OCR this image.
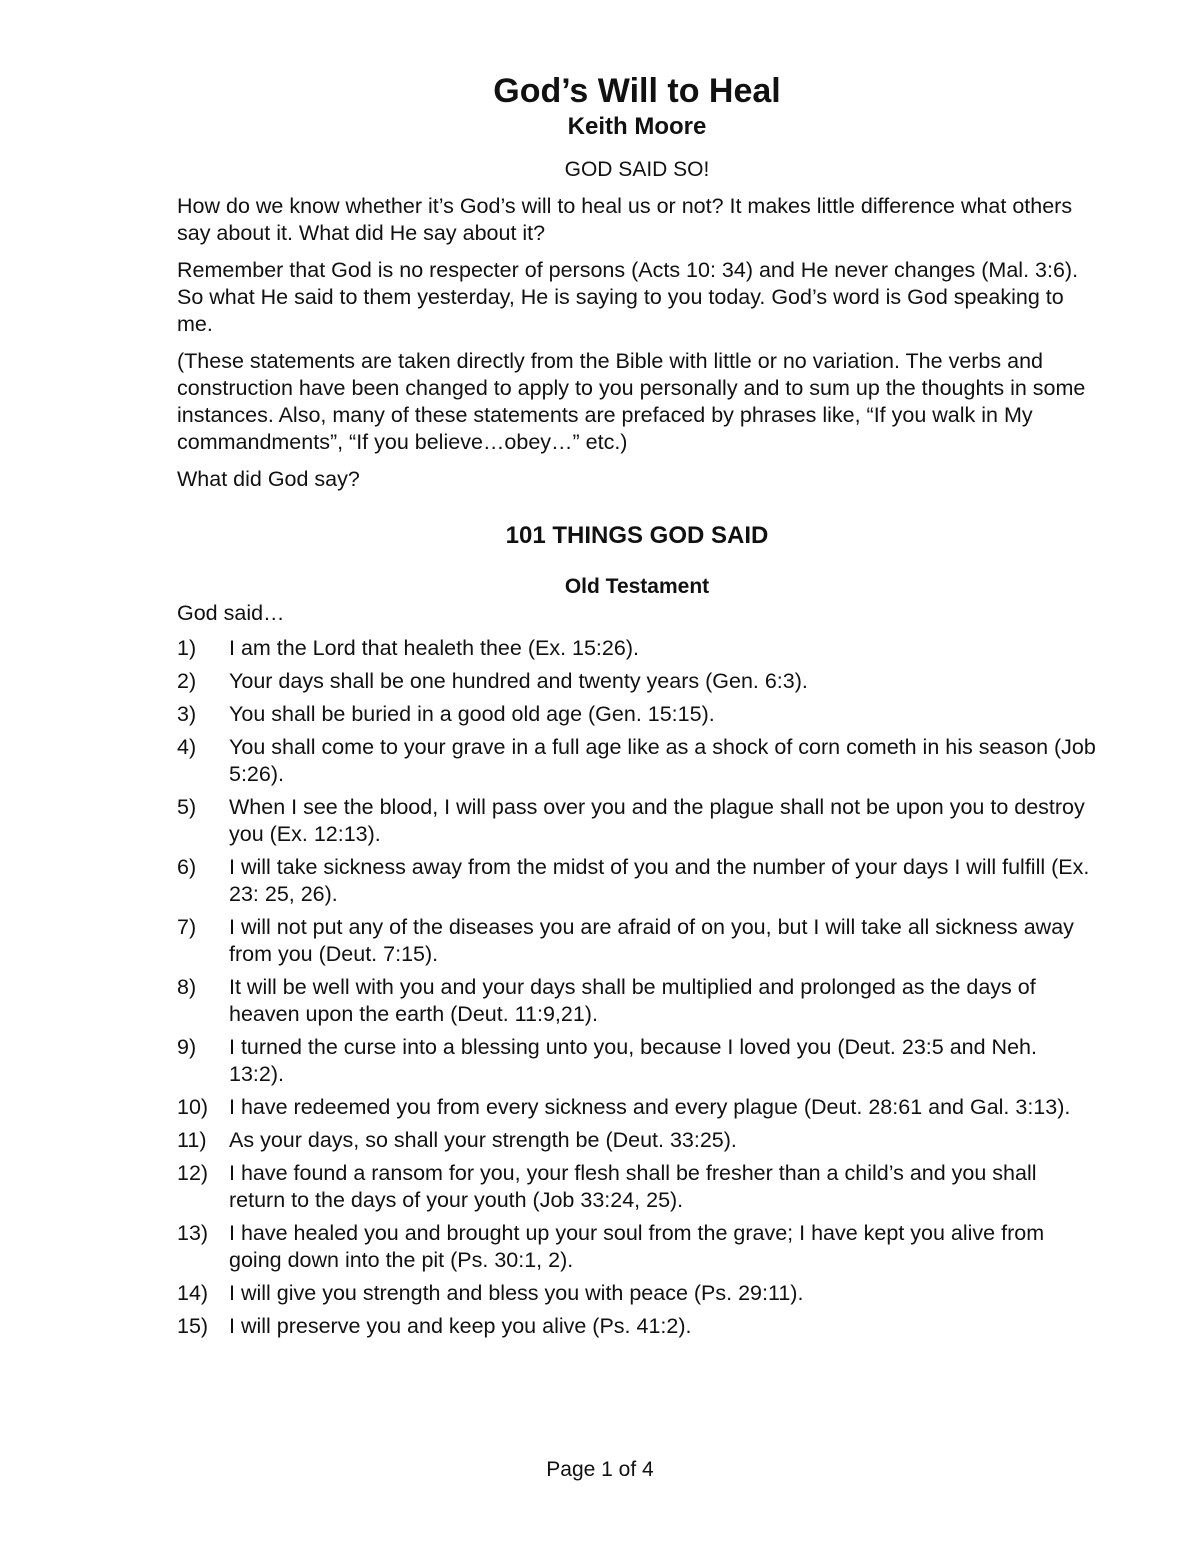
God’s Will to Heal
Keith Moore
GOD SAID SO!

How do we know whether it’s God’s will to heal us or not? It makes little difference what others say about it. What did He say about it?

Remember that God is no respecter of persons (Acts 10: 34) and He never changes (Mal. 3:6). So what He said to them yesterday, He is saying to you today. God’s word is God speaking to me.

(These statements are taken directly from the Bible with little or no variation. The verbs and construction have been changed to apply to you personally and to sum up the thoughts in some instances. Also, many of these statements are prefaced by phrases like, “If you walk in My commandments”, “If you believe…obey…” etc.)

What did God say?

101 THINGS GOD SAID
Old Testament
God said…
1)	I am the Lord that healeth thee (Ex. 15:26).
2)	Your days shall be one hundred and twenty years (Gen. 6:3).
3)	You shall be buried in a good old age (Gen. 15:15).
4)	You shall come to your grave in a full age like as a shock of corn cometh in his season (Job 5:26).
5)	When I see the blood, I will pass over you and the plague shall not be upon you to destroy you (Ex. 12:13).
6)	I will take sickness away from the midst of you and the number of your days I will fulfill (Ex. 23: 25, 26).
7)	I will not put any of the diseases you are afraid of on you, but I will take all sickness away from you (Deut. 7:15).
8)	It will be well with you and your days shall be multiplied and prolonged as the days of heaven upon the earth (Deut. 11:9,21).
9)	I turned the curse into a blessing unto you, because I loved you (Deut. 23:5 and Neh. 13:2).
10) I have redeemed you from every sickness and every plague (Deut. 28:61 and Gal. 3:13).
11)	As your days, so shall your strength be (Deut. 33:25).
12) I have found a ransom for you, your flesh shall be fresher than a child’s and you shall return to the days of your youth (Job 33:24, 25).
13) I have healed you and brought up your soul from the grave; I have kept you alive from going down into the pit (Ps. 30:1, 2).
14) I will give you strength and bless you with peace (Ps. 29:11).
15) I will preserve you and keep you alive (Ps. 41:2).
Page 1 of 4
